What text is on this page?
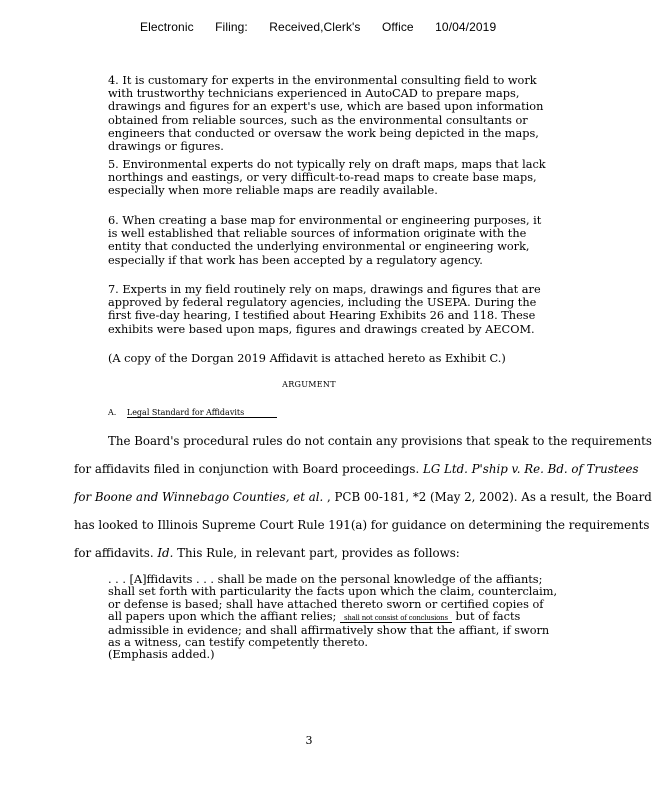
Electronic Filing: Received,Clerk's Office 10/04/2019
4. It is customary for experts in the environmental consulting field to work with trustworthy technicians experienced in AutoCAD to prepare maps, drawings and figures for an expert's use, which are based upon information obtained from reliable sources, such as the environmental consultants or engineers that conducted or oversaw the work being depicted in the maps, drawings or figures.
5. Environmental experts do not typically rely on draft maps, maps that lack northings and eastings, or very difficult-to-read maps to create base maps, especially when more reliable maps are readily available.
6. When creating a base map for environmental or engineering purposes, it is well established that reliable sources of information originate with the entity that conducted the underlying environmental or engineering work, especially if that work has been accepted by a regulatory agency.
7. Experts in my field routinely rely on maps, drawings and figures that are approved by federal regulatory agencies, including the USEPA. During the first five-day hearing, I testified about Hearing Exhibits 26 and 118. These exhibits were based upon maps, figures and drawings created by AECOM.
(A copy of the Dorgan 2019 Affidavit is attached hereto as Exhibit C.)
ARGUMENT
A. Legal Standard for Affidavits
The Board's procedural rules do not contain any provisions that speak to the requirements
for affidavits filed in conjunction with Board proceedings. LG Ltd. P'ship v. Re. Bd. of Trustees
for Boone and Winnebago Counties, et al. , PCB 00-181, *2 (May 2, 2002). As a result, the Board
has looked to Illinois Supreme Court Rule 191(a) for guidance on determining the requirements
for affidavits. Id. This Rule, in relevant part, provides as follows:
. . . [A]ffidavits . . . shall be made on the personal knowledge of the affiants; shall set forth with particularity the facts upon which the claim, counterclaim, or defense is based; shall have attached thereto sworn or certified copies of all papers upon which the affiant relies; shall not consist of conclusions but of facts admissible in evidence; and shall affirmatively show that the affiant, if sworn as a witness, can testify competently thereto.
(Emphasis added.)
3
